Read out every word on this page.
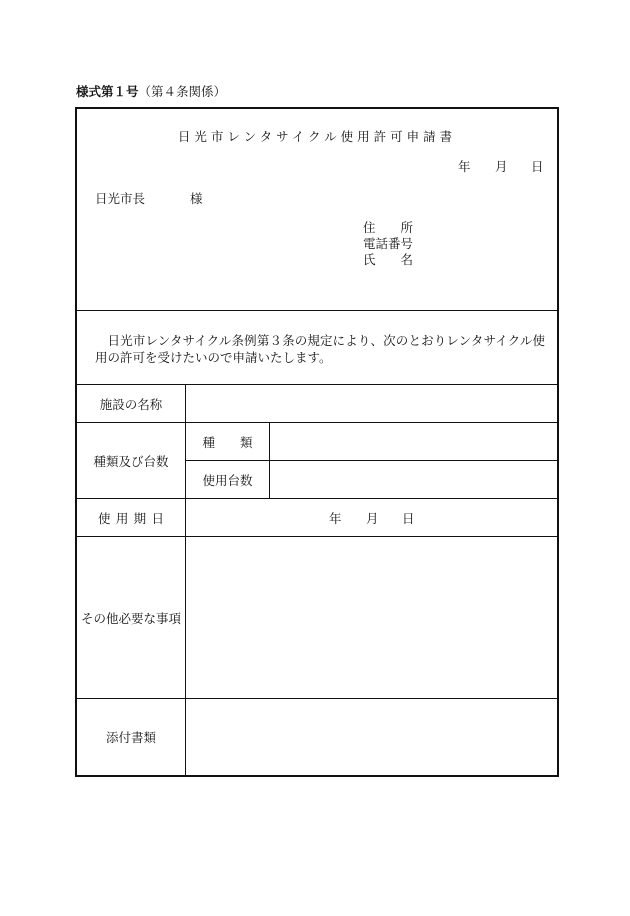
様式第１号（第４条関係）
日光市レンタサイクル使用許可申請書
年 月 日
日光市長	様
住　　所
電話番号
氏　　名
日光市レンタサイクル条例第３条の規定により、次のとおりレンタサイクル使用の許可を受けたいので申請いたします。
施設の名称
種類及び台数
種　　類
使用台数
使用期日	年 月 日
その他必要な事項
添付書類
